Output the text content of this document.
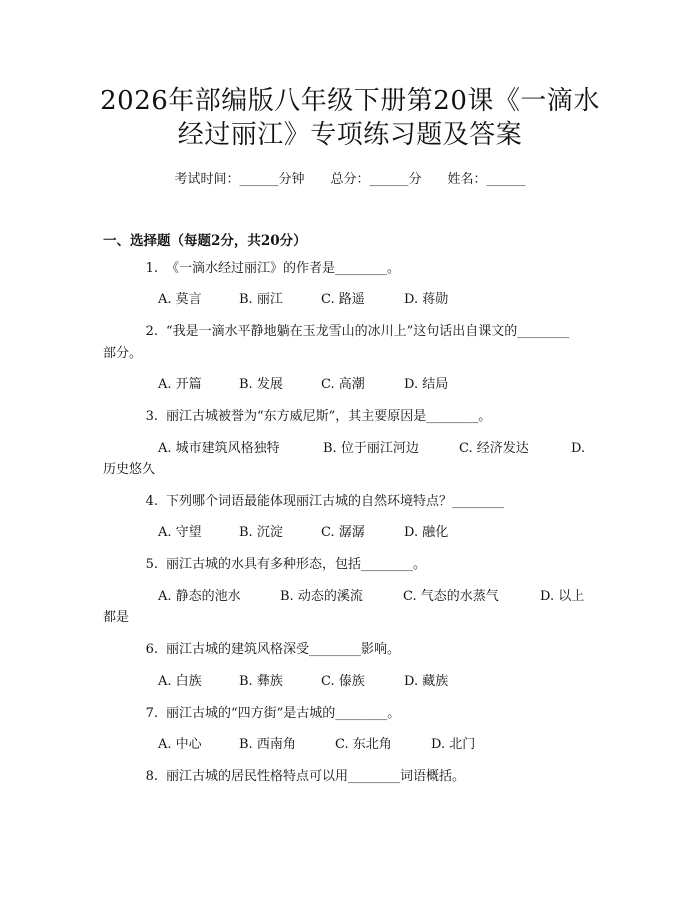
2026年部编版八年级下册第20课《一滴水
经过丽江》专项练习题及答案
考试时间：______分钟 总分：______分 姓名：______
一、选择题（每题2分，共20分）
1. 《一滴水经过丽江》的作者是________。
A. 莫言	B. 丽江	C. 路遥	D. 蒋勋
2. “我是一滴水平静地躺在玉龙雪山的冰川上”这句话出自课文的________
部分。
A. 开篇	B. 发展	C. 高潮	D. 结局
3. 丽江古城被誉为“东方威尼斯”，其主要原因是________。
A. 城市建筑风格独特	B. 位于丽江河边	C. 经济发达	D.
历史悠久
4. 下列哪个词语最能体现丽江古城的自然环境特点？________
A. 守望	B. 沉淀	C. 潺潺	D. 融化
5. 丽江古城的水具有多种形态，包括________。
A. 静态的池水	B. 动态的溪流	C. 气态的水蒸气	D. 以上
都是
6. 丽江古城的建筑风格深受________影响。
A. 白族	B. 彝族	C. 傣族	D. 藏族
7. 丽江古城的“四方街”是古城的________。
A. 中心	B. 西南角	C. 东北角	D. 北门
8. 丽江古城的居民性格特点可以用________词语概括。
